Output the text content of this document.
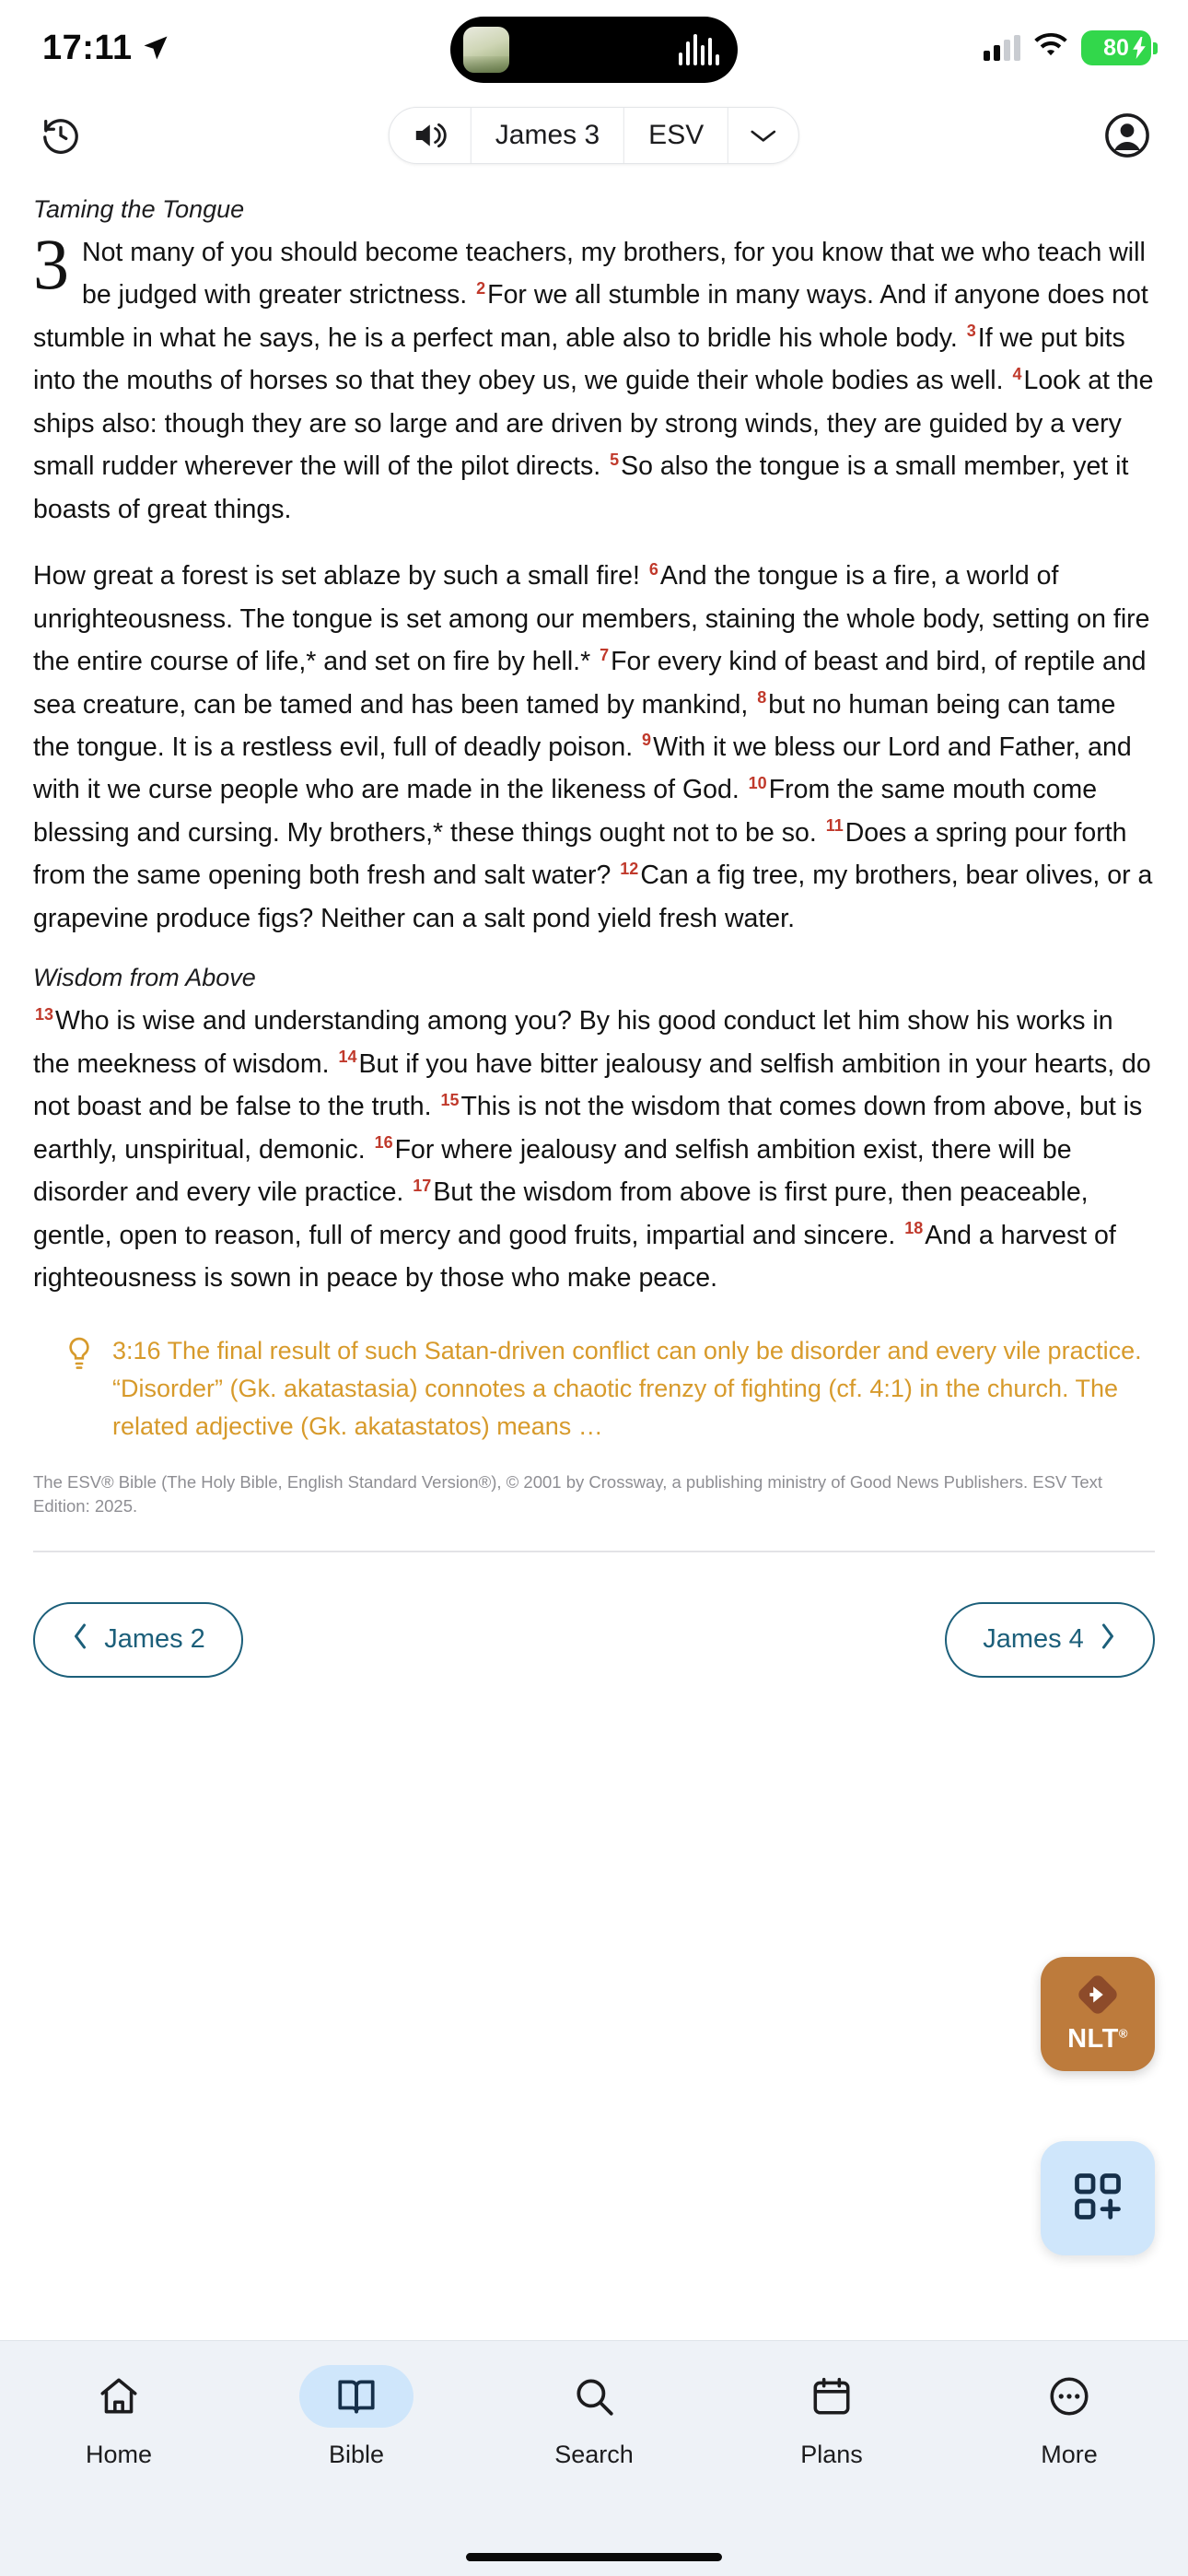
17:11	80
James 3	ESV
Taming the Tongue

3 Not many of you should become teachers, my brothers, for you know that we who teach will be judged with greater strictness. $^2$For we all stumble in many ways. And if anyone does not stumble in what he says, he is a perfect man, able also to bridle his whole body. $^3$If we put bits into the mouths of horses so that they obey us, we guide their whole bodies as well. $^4$Look at the ships also: though they are so large and are driven by strong winds, they are guided by a very small rudder wherever the will of the pilot directs. $^5$So also the tongue is a small member, yet it boasts of great things.

How great a forest is set ablaze by such a small fire! $^6$And the tongue is a fire, a world of unrighteousness. The tongue is set among our members, staining the whole body, setting on fire the entire course of life,* and set on fire by hell.* $^7$For every kind of beast and bird, of reptile and sea creature, can be tamed and has been tamed by mankind, $^8$but no human being can tame the tongue. It is a restless evil, full of deadly poison. $^9$With it we bless our Lord and Father, and with it we curse people who are made in the likeness of God. $^{10}$From the same mouth come blessing and cursing. My brothers,* these things ought not to be so. $^{11}$Does a spring pour forth from the same opening both fresh and salt water? $^{12}$Can a fig tree, my brothers, bear olives, or a grapevine produce figs? Neither can a salt pond yield fresh water.

Wisdom from Above

$^{13}$Who is wise and understanding among you? By his good conduct let him show his works in the meekness of wisdom. $^{14}$But if you have bitter jealousy and selfish ambition in your hearts, do not boast and be false to the truth. $^{15}$This is not the wisdom that comes down from above, but is earthly, unspiritual, demonic. $^{16}$For where jealousy and selfish ambition exist, there will be disorder and every vile practice. $^{17}$But the wisdom from above is first pure, then peaceable, gentle, open to reason, full of mercy and good fruits, impartial and sincere. $^{18}$And a harvest of righteousness is sown in peace by those who make peace.

3:16 The final result of such Satan-driven conflict can only be disorder and every vile practice. “Disorder” (Gk. akatastasia) connotes a chaotic frenzy of fighting (cf. 4:1) in the church. The related adjective (Gk. akatastatos) means …
The ESV® Bible (The Holy Bible, English Standard Version®), © 2001 by Crossway, a publishing ministry of Good News Publishers. ESV Text Edition: 2025.
James 2	James 4
NLT®
Home	Bible	Search	Plans	More
